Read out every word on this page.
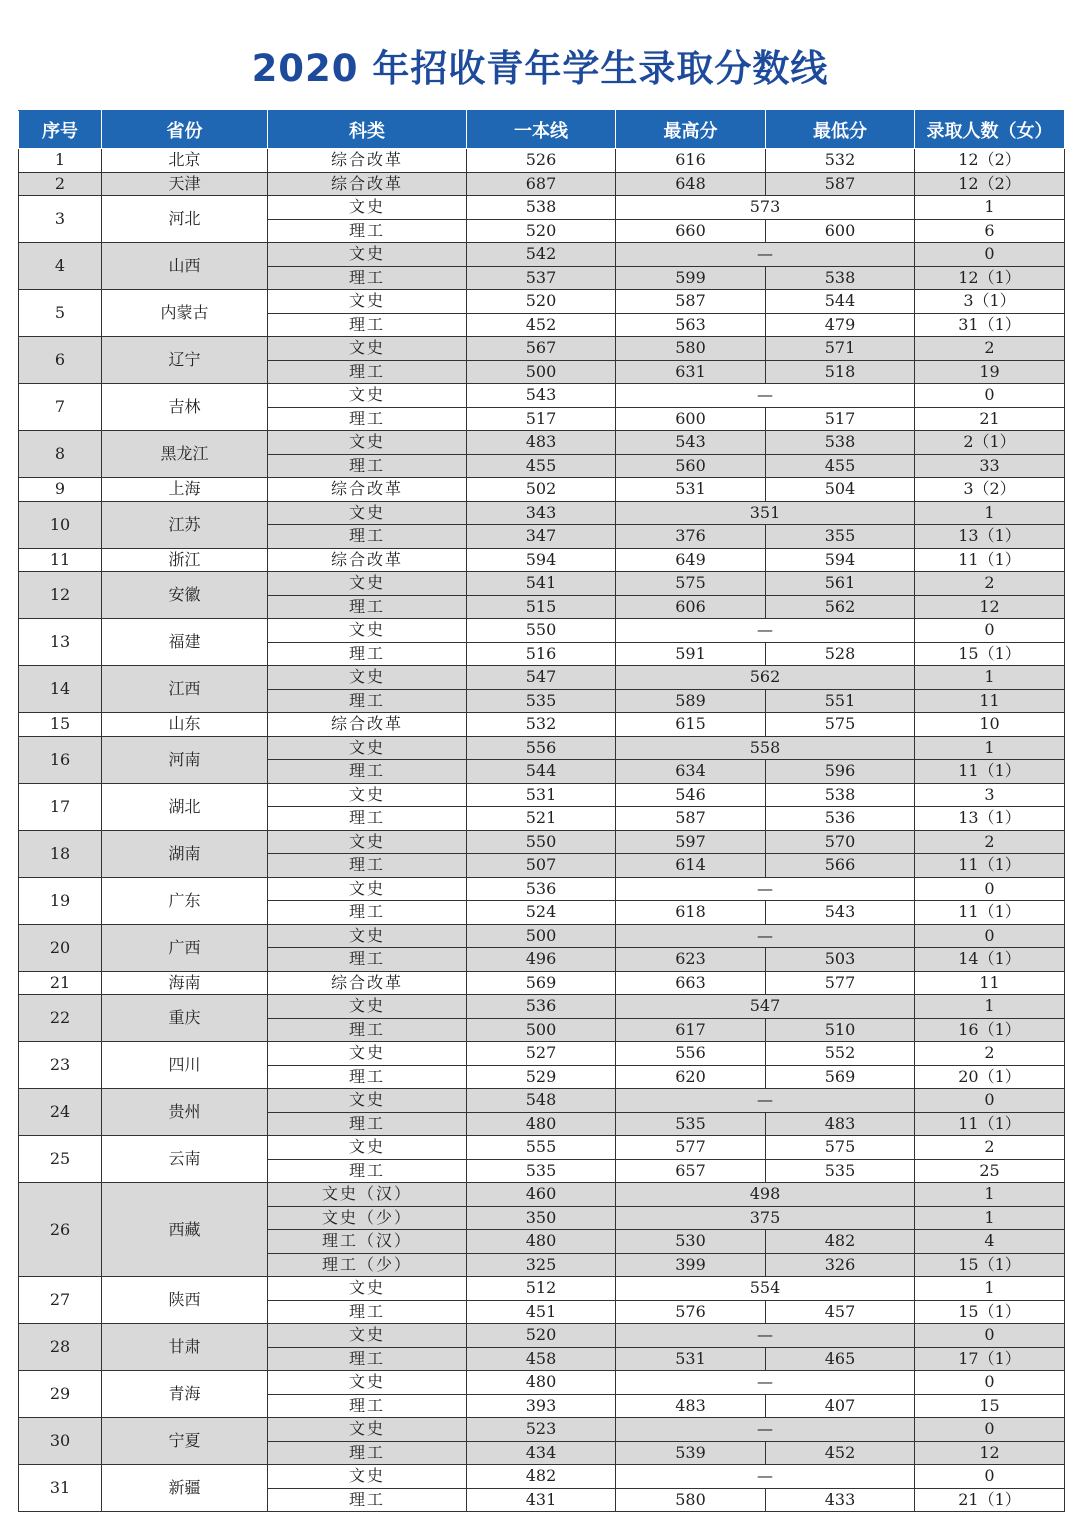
2020 年招收青年学生录取分数线
序号	省份	科类	一本线	最高分	最低分	录取人数（女）
1	北京	综合改革	526	616	532	12（2）
2	天津	综合改革	687	648	587	12（2）
3	河北	文史	538	573		1
		理工	520	660	600	6
4	山西	文史	542	—		0
		理工	537	599	538	12（1）
5	内蒙古	文史	520	587	544	3（1）
		理工	452	563	479	31（1）
6	辽宁	文史	567	580	571	2
		理工	500	631	518	19
7	吉林	文史	543	—		0
		理工	517	600	517	21
8	黑龙江	文史	483	543	538	2（1）
		理工	455	560	455	33
9	上海	综合改革	502	531	504	3（2）
10	江苏	文史	343	351		1
		理工	347	376	355	13（1）
11	浙江	综合改革	594	649	594	11（1）
12	安徽	文史	541	575	561	2
		理工	515	606	562	12
13	福建	文史	550	—		0
		理工	516	591	528	15（1）
14	江西	文史	547	562		1
		理工	535	589	551	11
15	山东	综合改革	532	615	575	10
16	河南	文史	556	558		1
		理工	544	634	596	11（1）
17	湖北	文史	531	546	538	3
		理工	521	587	536	13（1）
18	湖南	文史	550	597	570	2
		理工	507	614	566	11（1）
19	广东	文史	536	—		0
		理工	524	618	543	11（1）
20	广西	文史	500	—		0
		理工	496	623	503	14（1）
21	海南	综合改革	569	663	577	11
22	重庆	文史	536	547		1
		理工	500	617	510	16（1）
23	四川	文史	527	556	552	2
		理工	529	620	569	20（1）
24	贵州	文史	548	—		0
		理工	480	535	483	11（1）
25	云南	文史	555	577	575	2
		理工	535	657	535	25
26	西藏	文史（汉）	460	498		1
		文史（少）	350	375		1
		理工（汉）	480	530	482	4
		理工（少）	325	399	326	15（1）
27	陕西	文史	512	554		1
		理工	451	576	457	15（1）
28	甘肃	文史	520	—		0
		理工	458	531	465	17（1）
29	青海	文史	480	—		0
		理工	393	483	407	15
30	宁夏	文史	523	—		0
		理工	434	539	452	12
31	新疆	文史	482	—		0
		理工	431	580	433	21（1）
